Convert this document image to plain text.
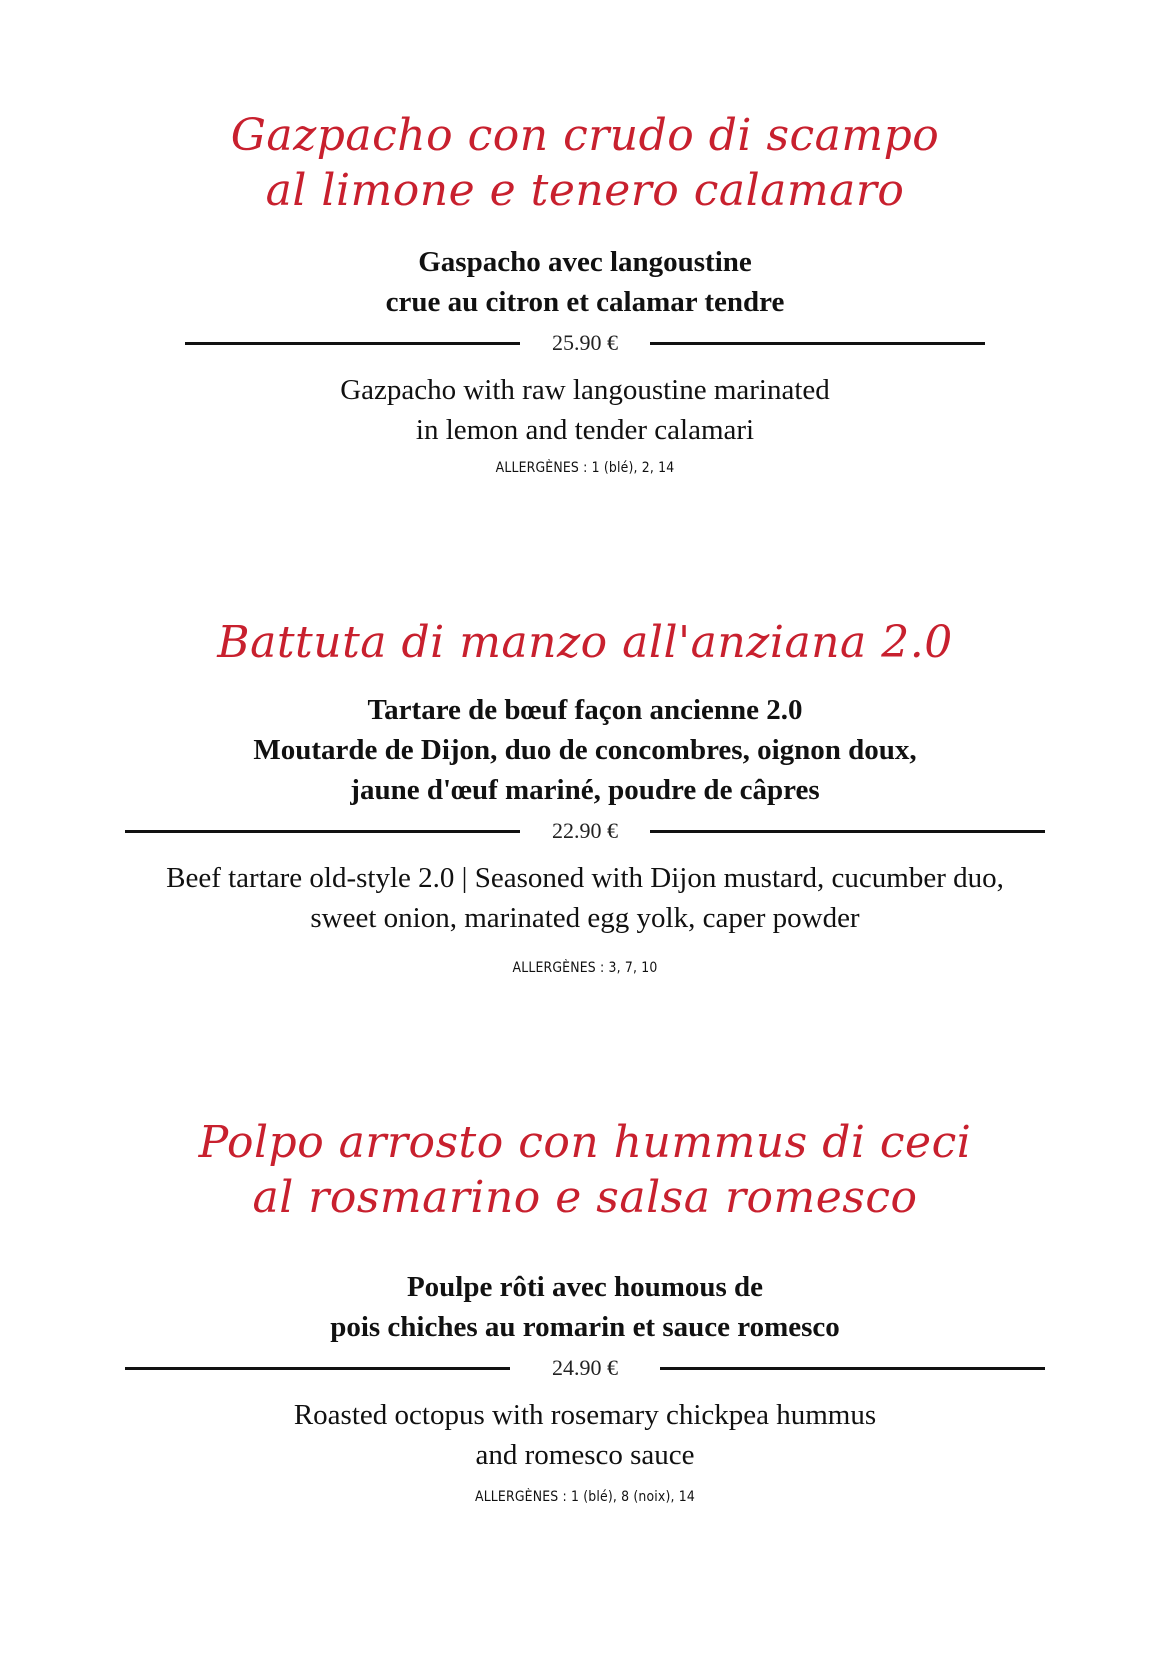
Gazpacho con crudo di scampo
al limone e tenero calamaro
Gaspacho avec langoustine
crue au citron et calamar tendre
25.90 €
Gazpacho with raw langoustine marinated
in lemon and tender calamari
ALLERGÈNES : 1 (blé), 2, 14
Battuta di manzo all'anziana 2.0
Tartare de bœuf façon ancienne 2.0
Moutarde de Dijon, duo de concombres, oignon doux,
jaune d'œuf mariné, poudre de câpres
22.90 €
Beef tartare old-style 2.0 | Seasoned with Dijon mustard, cucumber duo,
sweet onion, marinated egg yolk, caper powder
ALLERGÈNES : 3, 7, 10
Polpo arrosto con hummus di ceci
al rosmarino e salsa romesco
Poulpe rôti avec houmous de
pois chiches au romarin et sauce romesco
24.90 €
Roasted octopus with rosemary chickpea hummus
and romesco sauce
ALLERGÈNES : 1 (blé), 8 (noix), 14
